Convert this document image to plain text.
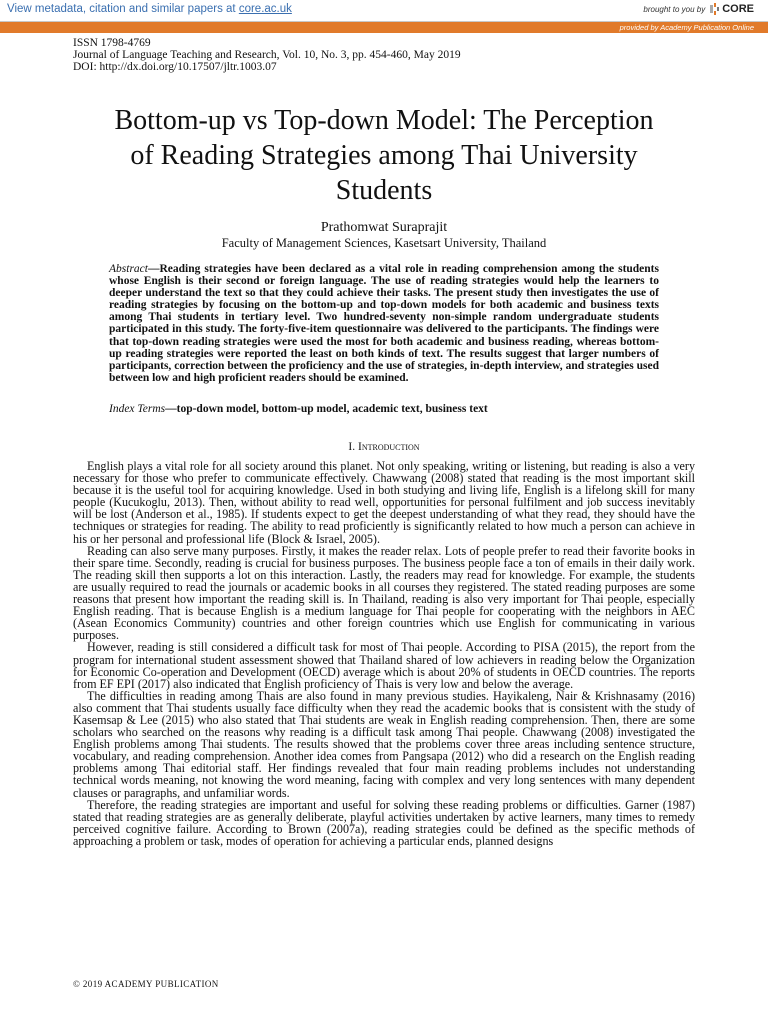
View metadata, citation and similar papers at core.ac.uk	brought to you by CORE
provided by Academy Publication Online
ISSN 1798-4769
Journal of Language Teaching and Research, Vol. 10, No. 3, pp. 454-460, May 2019
DOI: http://dx.doi.org/10.17507/jltr.1003.07
Bottom-up vs Top-down Model: The Perception
of Reading Strategies among Thai University
Students
Prathomwat Suraprajit
Faculty of Management Sciences, Kasetsart University, Thailand
Abstract—Reading strategies have been declared as a vital role in reading comprehension among the students whose English is their second or foreign language. The use of reading strategies would help the learners to deeper understand the text so that they could achieve their tasks. The present study then investigates the use of reading strategies by focusing on the bottom-up and top-down models for both academic and business texts among Thai students in tertiary level. Two hundred-seventy non-simple random undergraduate students participated in this study. The forty-five-item questionnaire was delivered to the participants. The findings were that top-down reading strategies were used the most for both academic and business reading, whereas bottom-up reading strategies were reported the least on both kinds of text. The results suggest that larger numbers of participants, correction between the proficiency and the use of strategies, in-depth interview, and strategies used between low and high proficient readers should be examined.
Index Terms—top-down model, bottom-up model, academic text, business text
I. Introduction

English plays a vital role for all society around this planet. Not only speaking, writing or listening, but reading is also a very necessary for those who prefer to communicate effectively. Chawwang (2008) stated that reading is the most important skill because it is the useful tool for acquiring knowledge. Used in both studying and living life, English is a lifelong skill for many people (Kucukoglu, 2013). Then, without ability to read well, opportunities for personal fulfilment and job success inevitably will be lost (Anderson et al., 1985). If students expect to get the deepest understanding of what they read, they should have the techniques or strategies for reading. The ability to read proficiently is significantly related to how much a person can achieve in his or her personal and professional life (Block & Israel, 2005).

Reading can also serve many purposes. Firstly, it makes the reader relax. Lots of people prefer to read their favorite books in their spare time. Secondly, reading is crucial for business purposes. The business people face a ton of emails in their daily work. The reading skill then supports a lot on this interaction. Lastly, the readers may read for knowledge. For example, the students are usually required to read the journals or academic books in all courses they registered. The stated reading purposes are some reasons that present how important the reading skill is. In Thailand, reading is also very important for Thai people, especially English reading. That is because English is a medium language for Thai people for cooperating with the neighbors in AEC (Asean Economics Community) countries and other foreign countries which use English for communicating in various purposes.

However, reading is still considered a difficult task for most of Thai people. According to PISA (2015), the report from the program for international student assessment showed that Thailand shared of low achievers in reading below the Organization for Economic Co-operation and Development (OECD) average which is about 20% of students in OECD countries. The reports from EF EPI (2017) also indicated that English proficiency of Thais is very low and below the average.

The difficulties in reading among Thais are also found in many previous studies. Hayikaleng, Nair & Krishnasamy (2016) also comment that Thai students usually face difficulty when they read the academic books that is consistent with the study of Kasemsap & Lee (2015) who also stated that Thai students are weak in English reading comprehension. Then, there are some scholars who searched on the reasons why reading is a difficult task among Thai people. Chawwang (2008) investigated the English problems among Thai students. The results showed that the problems cover three areas including sentence structure, vocabulary, and reading comprehension. Another idea comes from Pangsapa (2012) who did a research on the English reading problems among Thai editorial staff. Her findings revealed that four main reading problems includes not understanding technical words meaning, not knowing the word meaning, facing with complex and very long sentences with many dependent clauses or paragraphs, and unfamiliar words.

Therefore, the reading strategies are important and useful for solving these reading problems or difficulties. Garner (1987) stated that reading strategies are as generally deliberate, playful activities undertaken by active learners, many times to remedy perceived cognitive failure. According to Brown (2007a), reading strategies could be defined as the specific methods of approaching a problem or task, modes of operation for achieving a particular ends, planned designs

© 2019 ACADEMY PUBLICATION
